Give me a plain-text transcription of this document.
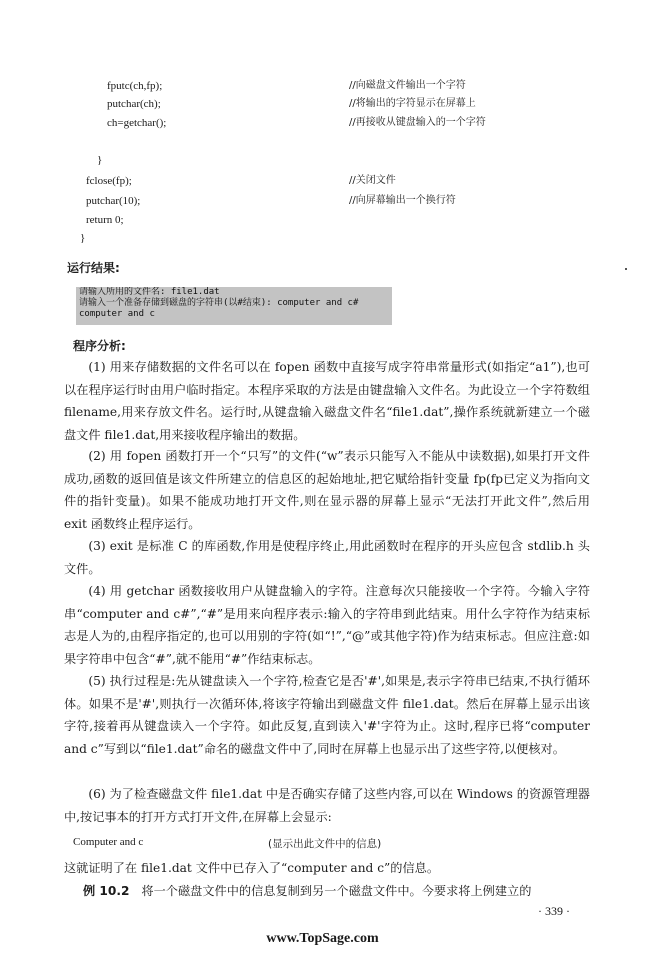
fputc(ch,fp);	//向磁盘文件输出一个字符
putchar(ch);	//将输出的字符显示在屏幕上
ch=getchar();	//再接收从键盘输入的一个字符
}
fclose(fp);	//关闭文件
putchar(10);	//向屏幕输出一个换行符
return 0;
}
运行结果:
请输入所用的文件名: file1.dat
请输入一个准备存储到磁盘的字符串(以#结束): computer and c#
computer and c
程序分析:

(1) 用来存储数据的文件名可以在 fopen 函数中直接写成字符串常量形式(如指定“a1”),也可以在程序运行时由用户临时指定。本程序采取的方法是由键盘输入文件名。为此设立一个字符数组 filename,用来存放文件名。运行时,从键盘输入磁盘文件名“file1.dat”,操作系统就新建立一个磁盘文件 file1.dat,用来接收程序输出的数据。

(2) 用 fopen 函数打开一个“只写”的文件(“w”表示只能写入不能从中读数据),如果打开文件成功,函数的返回值是该文件所建立的信息区的起始地址,把它赋给指针变量 fp(fp已定义为指向文件的指针变量)。如果不能成功地打开文件,则在显示器的屏幕上显示“无法打开此文件”,然后用 exit 函数终止程序运行。

(3) exit 是标准 C 的库函数,作用是使程序终止,用此函数时在程序的开头应包含 stdlib.h 头文件。

(4) 用 getchar 函数接收用户从键盘输入的字符。注意每次只能接收一个字符。今输入字符串“computer and c#”,“#”是用来向程序表示:输入的字符串到此结束。用什么字符作为结束标志是人为的,由程序指定的,也可以用别的字符(如“!”,“@”或其他字符)作为结束标志。但应注意:如果字符串中包含“#”,就不能用“#”作结束标志。

(5) 执行过程是:先从键盘读入一个字符,检查它是否'#',如果是,表示字符串已结束,不执行循环体。如果不是'#',则执行一次循环体,将该字符输出到磁盘文件 file1.dat。然后在屏幕上显示出该字符,接着再从键盘读入一个字符。如此反复,直到读入'#'字符为止。这时,程序已将“computer and c”写到以“file1.dat”命名的磁盘文件中了,同时在屏幕上也显示出了这些字符,以便核对。

(6) 为了检查磁盘文件 file1.dat 中是否确实存储了这些内容,可以在 Windows 的资源管理器中,按记事本的打开方式打开文件,在屏幕上会显示:

Computer and c	(显示出此文件中的信息)
这就证明了在 file1.dat 文件中已存入了“computer and c”的信息。
例 10.2 将一个磁盘文件中的信息复制到另一个磁盘文件中。今要求将上例建立的
· 339 ·
www.TopSage.com
